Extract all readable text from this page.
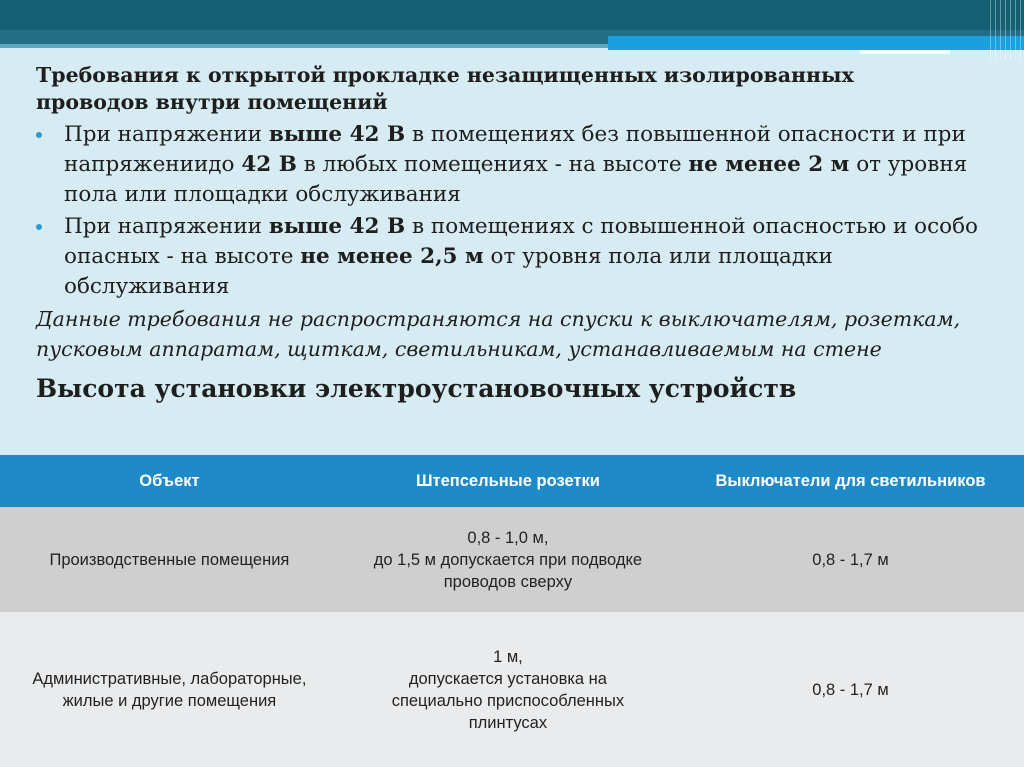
Требования к открытой прокладке незащищенных изолированных
проводов внутри помещений

При напряжении выше 42 В в помещениях без повышенной опасности и при напряжениидо 42 В в любых помещениях - на высоте не менее 2 м от уровня пола или площадки обслуживания
При напряжении выше 42 В в помещениях с повышенной опасностью и особо опасных - на высоте не менее 2,5 м от уровня пола или площадки обслуживания

Данные требования не распространяются на спуски к выключателям, розеткам, пусковым аппаратам, щиткам, светильникам, устанавливаемым на стене

Высота установки электроустановочных устройств

Объект	Штепсельные розетки	Выключатели для светильников

Производственные помещения	0,8 - 1,0 м,
до 1,5 м допускается при подводке
проводов сверху	0,8 - 1,7 м

Административные, лабораторные,
жилые и другие помещения	1 м,
допускается установка на
специально приспособленных
плинтусах	0,8 - 1,7 м
